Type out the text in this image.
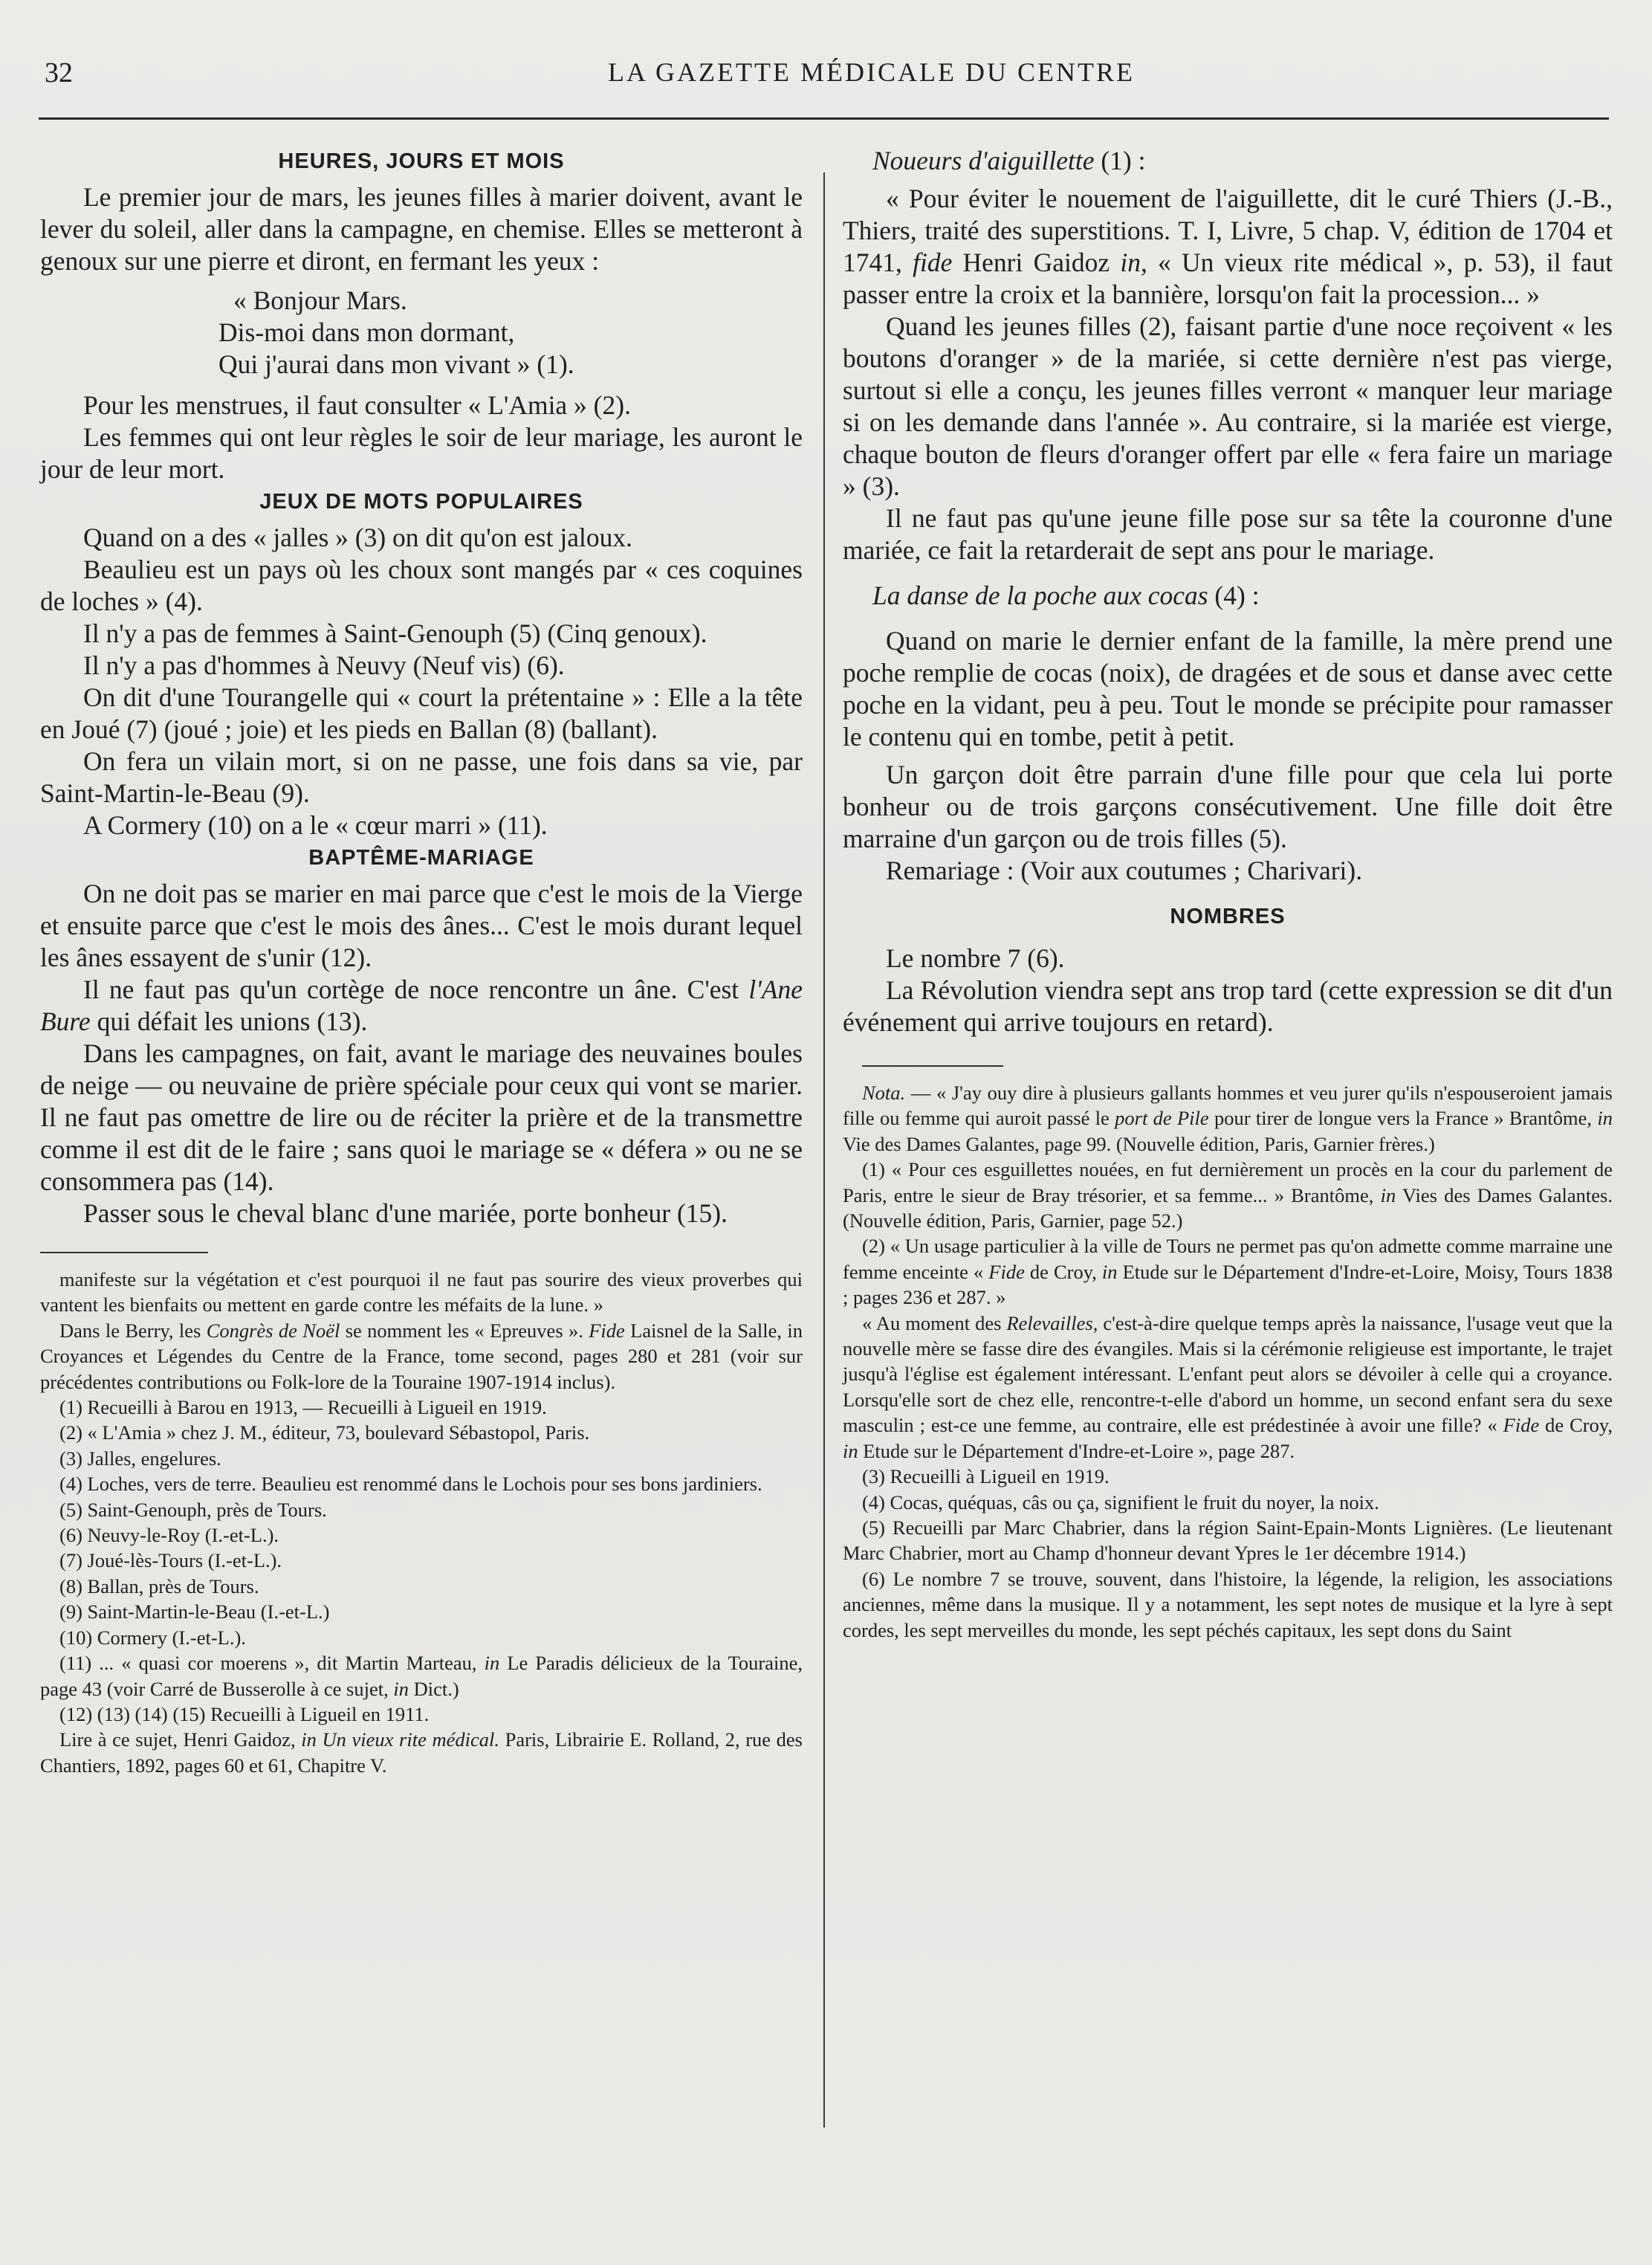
32	LA GAZETTE MÉDICALE DU CENTRE
HEURES, JOURS ET MOIS

Le premier jour de mars, les jeunes filles à marier doivent, avant le lever du soleil, aller dans la campagne, en chemise. Elles se metteront à genoux sur une pierre et diront, en fermant les yeux :

« Bonjour Mars.

Dis-moi dans mon dormant,

Qui j'aurai dans mon vivant » (1).

Pour les menstrues, il faut consulter « L'Amia » (2).

Les femmes qui ont leur règles le soir de leur mariage, les auront le jour de leur mort.

JEUX DE MOTS POPULAIRES

Quand on a des « jalles » (3) on dit qu'on est jaloux.

Beaulieu est un pays où les choux sont mangés par « ces coquines de loches » (4).

Il n'y a pas de femmes à Saint-Genouph (5) (Cinq genoux).

Il n'y a pas d'hommes à Neuvy (Neuf vis) (6).

On dit d'une Tourangelle qui « court la prétentaine » : Elle a la tête en Joué (7) (joué ; joie) et les pieds en Ballan (8) (ballant).

On fera un vilain mort, si on ne passe, une fois dans sa vie, par Saint-Martin-le-Beau (9).

A Cormery (10) on a le « cœur marri » (11).

BAPTÊME-MARIAGE

On ne doit pas se marier en mai parce que c'est le mois de la Vierge et ensuite parce que c'est le mois des ânes... C'est le mois durant lequel les ânes essayent de s'unir (12).

Il ne faut pas qu'un cortège de noce rencontre un âne. C'est l'Ane Bure qui défait les unions (13).

Dans les campagnes, on fait, avant le mariage des neuvaines boules de neige — ou neuvaine de prière spéciale pour ceux qui vont se marier. Il ne faut pas omettre de lire ou de réciter la prière et de la transmettre comme il est dit de le faire ; sans quoi le mariage se « défera » ou ne se consommera pas (14).

Passer sous le cheval blanc d'une mariée, porte bonheur (15).

manifeste sur la végétation et c'est pourquoi il ne faut pas sourire des vieux proverbes qui vantent les bienfaits ou mettent en garde contre les méfaits de la lune. »

Dans le Berry, les Congrès de Noël se nomment les « Epreuves ». Fide Laisnel de la Salle, in Croyances et Légendes du Centre de la France, tome second, pages 280 et 281 (voir sur précédentes contributions ou Folk-lore de la Touraine 1907-1914 inclus).

(1) Recueilli à Barou en 1913, — Recueilli à Ligueil en 1919.

(2) « L'Amia » chez J. M., éditeur, 73, boulevard Sébastopol, Paris.

(3) Jalles, engelures.

(4) Loches, vers de terre. Beaulieu est renommé dans le Lochois pour ses bons jardiniers.

(5) Saint-Genouph, près de Tours.

(6) Neuvy-le-Roy (I.-et-L.).

(7) Joué-lès-Tours (I.-et-L.).

(8) Ballan, près de Tours.

(9) Saint-Martin-le-Beau (I.-et-L.)

(10) Cormery (I.-et-L.).

(11) ... « quasi cor moerens », dit Martin Marteau, in Le Paradis délicieux de la Touraine, page 43 (voir Carré de Busserolle à ce sujet, in Dict.)

(12) (13) (14) (15) Recueilli à Ligueil en 1911.

Lire à ce sujet, Henri Gaidoz, in Un vieux rite médical. Paris, Librairie E. Rolland, 2, rue des Chantiers, 1892, pages 60 et 61, Chapitre V.

Noueurs d'aiguillette (1) :

« Pour éviter le nouement de l'aiguillette, dit le curé Thiers (J.-B., Thiers, traité des superstitions. T. I, Livre, 5 chap. V, édition de 1704 et 1741, fide Henri Gaidoz in, « Un vieux rite médical », p. 53), il faut passer entre la croix et la bannière, lorsqu'on fait la procession... »

Quand les jeunes filles (2), faisant partie d'une noce reçoivent « les boutons d'oranger » de la mariée, si cette dernière n'est pas vierge, surtout si elle a conçu, les jeunes filles verront « manquer leur mariage si on les demande dans l'année ». Au contraire, si la mariée est vierge, chaque bouton de fleurs d'oranger offert par elle « fera faire un mariage » (3).

Il ne faut pas qu'une jeune fille pose sur sa tête la couronne d'une mariée, ce fait la retarderait de sept ans pour le mariage.

La danse de la poche aux cocas (4) :

Quand on marie le dernier enfant de la famille, la mère prend une poche remplie de cocas (noix), de dragées et de sous et danse avec cette poche en la vidant, peu à peu. Tout le monde se précipite pour ramasser le contenu qui en tombe, petit à petit.

Un garçon doit être parrain d'une fille pour que cela lui porte bonheur ou de trois garçons consécutivement. Une fille doit être marraine d'un garçon ou de trois filles (5).

Remariage : (Voir aux coutumes ; Charivari).

NOMBRES

Le nombre 7 (6).

La Révolution viendra sept ans trop tard (cette expression se dit d'un événement qui arrive toujours en retard).

Nota. — « J'ay ouy dire à plusieurs gallants hommes et veu jurer qu'ils n'espouseroient jamais fille ou femme qui auroit passé le port de Pile pour tirer de longue vers la France » Brantôme, in Vie des Dames Galantes, page 99. (Nouvelle édition, Paris, Garnier frères.)

(1) « Pour ces esguillettes nouées, en fut dernièrement un procès en la cour du parlement de Paris, entre le sieur de Bray trésorier, et sa femme... » Brantôme, in Vies des Dames Galantes. (Nouvelle édition, Paris, Garnier, page 52.)

(2) « Un usage particulier à la ville de Tours ne permet pas qu'on admette comme marraine une femme enceinte « Fide de Croy, in Etude sur le Département d'Indre-et-Loire, Moisy, Tours 1838 ; pages 236 et 287. »

« Au moment des Relevailles, c'est-à-dire quelque temps après la naissance, l'usage veut que la nouvelle mère se fasse dire des évangiles. Mais si la cérémonie religieuse est importante, le trajet jusqu'à l'église est également intéressant. L'enfant peut alors se dévoiler à celle qui a croyance. Lorsqu'elle sort de chez elle, rencontre-t-elle d'abord un homme, un second enfant sera du sexe masculin ; est-ce une femme, au contraire, elle est prédestinée à avoir une fille? « Fide de Croy, in Etude sur le Département d'Indre-et-Loire », page 287.

(3) Recueilli à Ligueil en 1919.

(4) Cocas, quéquas, câs ou ça, signifient le fruit du noyer, la noix.

(5) Recueilli par Marc Chabrier, dans la région Saint-Epain-Monts Lignières. (Le lieutenant Marc Chabrier, mort au Champ d'honneur devant Ypres le 1er décembre 1914.)

(6) Le nombre 7 se trouve, souvent, dans l'histoire, la légende, la religion, les associations anciennes, même dans la musique. Il y a notamment, les sept notes de musique et la lyre à sept cordes, les sept merveilles du monde, les sept péchés capitaux, les sept dons du Saint
